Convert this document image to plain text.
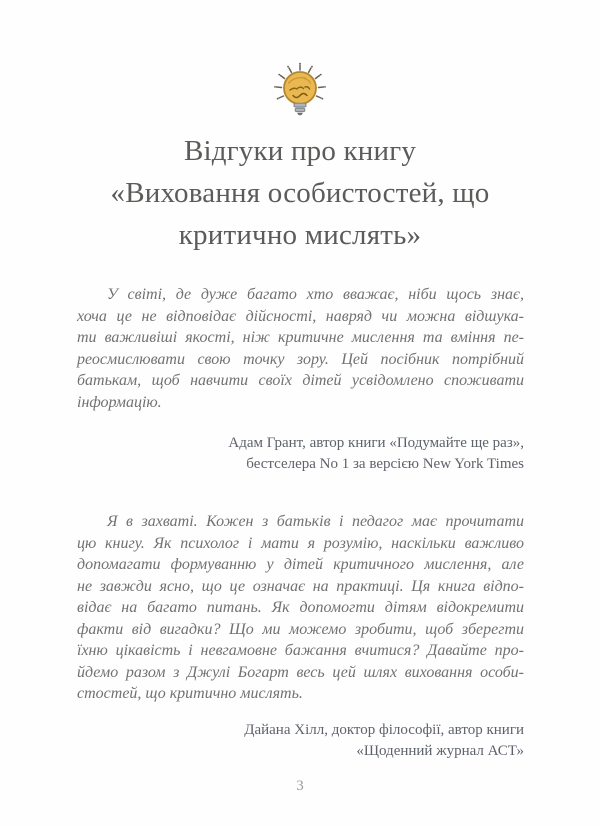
Відгуки про книгу
«Виховання особистостей, що
критично мислять»
У світі, де дуже багато хто вважає, ніби щось знає,
хоча це не відповідає дійсності, навряд чи можна відшука-
ти важливіші якості, ніж критичне мислення та вміння пе-
реосмислювати свою точку зору. Цей посібник потрібний
батькам, щоб навчити своїх дітей усвідомлено споживати
інформацію.
Адам Грант, автор книги «Подумайте ще раз»,
бестселера No 1 за версією New York Times
Я в захваті. Кожен з батьків і педагог має прочитати
цю книгу. Як психолог і мати я розумію, наскільки важливо
допомагати формуванню у дітей критичного мислення, але
не завжди ясно, що це означає на практиці. Ця книга відпо-
відає на багато питань. Як допомогти дітям відокремити
факти від вигадки? Що ми можемо зробити, щоб зберегти
їхню цікавість і невгамовне бажання вчитися? Давайте про-
йдемо разом з Джулі Богарт весь цей шлях виховання особи-
стостей, що критично мислять.
Дайана Хілл, доктор філософії, автор книги
«Щоденний журнал АСТ»
3
